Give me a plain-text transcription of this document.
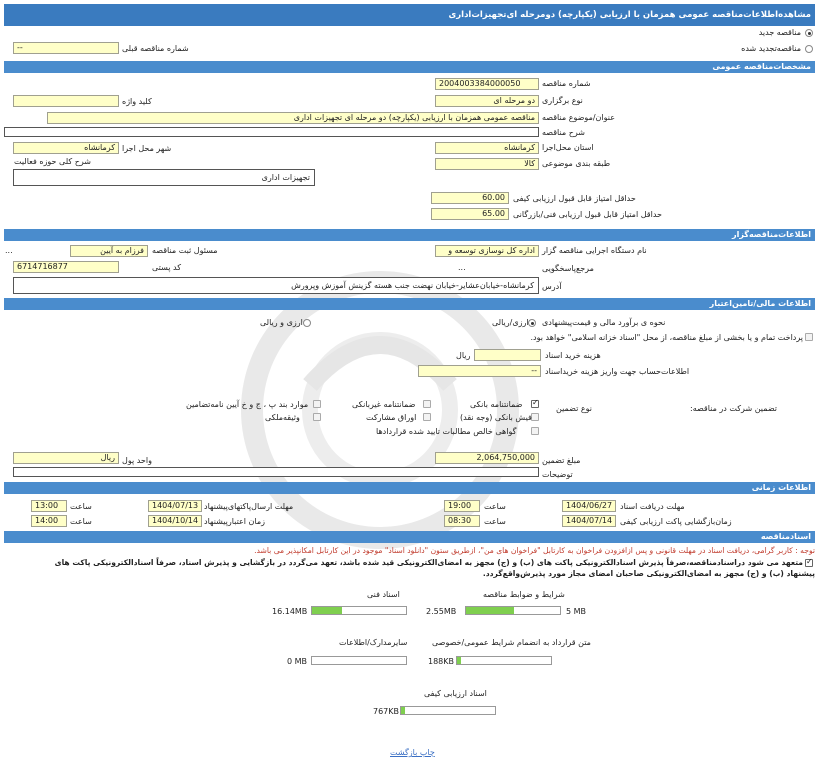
مشاهده‌اطلاعات‌مناقصه عمومی همزمان با ارزیابی (یکپارچه) دومرحله ای‌تجهیزات‌اداری
مناقصه جدید
مناقصه‌تجدید شده
شماره مناقصه قبلی
--
مشخصات‌مناقصه عمومی
شماره مناقصه
2004003384000050
نوع برگزاری
دو مرحله ای
کلید واژه
عنوان/موضوع مناقصه
مناقصه عمومی همزمان با ارزیابی (یکپارچه) دو مرحله ای تجهیزات اداری
شرح مناقصه
استان محل‌اجرا
کرمانشاه
شهر محل اجرا
کرمانشاه
طبقه بندی موضوعی
کالا
شرح کلی حوزه فعالیت
تجهیزات اداری
حداقل امتیاز قابل قبول ارزیابی کیفی
60.00
حداقل امتیاز قابل قبول ارزیابی فنی/بازرگانی
65.00
اطلاعات‌مناقصه‌گزار
نام دستگاه اجرایی مناقصه گزار
اداره کل نوسازی توسعه و
مسئول ثبت مناقصه
فرزام به آیین
...
مرجع‌پاسخگویی
...
کد پستی
6714716877
آدرس
کرمانشاه-خیابان‌عشایر-خیابان نهضت جنب هسته گزینش آموزش وپرورش
اطلاعات‌ مالی/تامین‌اعتبار
نحوه ی برآورد مالی و قیمت‌پیشنهادی
ارزی/ریالی
ارزی و ریالی
پرداخت تمام و یا بخشی از مبلغ مناقصه، از محل "اسناد خزانه اسلامی" خواهد بود.
هزینه خرید اسناد
ریال
اطلاعات‌حساب جهت واریز هزینه خریداسناد
--
تضمین شرکت در مناقصه:
نوع تضمین
✓
ضمانتنامه بانکی
ضمانتنامه غیربانکی
موارد بند پ ، ج و خ آیین نامه‌تضامین
فیش بانکی (وجه نقد)
اوراق مشارکت
وثیقه‌ملکی
گواهی خالص مطالبات تایید شده قراردادها
مبلغ تضمین
2,064,750,000
واحد پول
ریال
توضیحات
اطلاعات زمانی
مهلت دریافت اسناد
1404/06/27
ساعت
19:00
مهلت ارسال‌پاکتهای‌پیشنهاد
1404/07/13
ساعت
13:00
زمان‌بازگشایی پاکت ارزیابی کیفی
1404/07/14
ساعت
08:30
زمان اعتبار‌پیشنهاد
1404/10/14
ساعت
14:00
اسنادمناقصه
توجه : کاربر گرامی، دریافت اسناد در مهلت قانونی و پس ازافزودن فراخوان به کارتابل "فراخوان های من"، ازطریق ستون "دانلود اسناد" موجود در این کارتابل امکانپذیر می باشد.
✓
متعهد می شود دراسنادمناقصه،صرفاً پذیرش اسنادالکترونیکی پاکت های (ب) و (ج) مجهز به امضای‌الکترونیکی قید شده باشد، تعهد می‌گردد در بازگشایی و پذیرش اسناد، صرفاً اسنادالکترونیکی پاکت های
پیشنهاد (ب) و (ج) مجهز به امضای‌الکترونیکی صاحبان امضای مجاز مورد پذیرش‌واقع‌گردد.
شرایط و ضوابط مناقصه
5 MB
2.55MB
اسناد فنی
16.14MB
متن قرارداد به انضمام شرایط عمومی/خصوصی
188KB
سایرمدارک/اطلاعات
0 MB
اسناد ارزیابی کیفی
767KB
چاپ بازگشت
